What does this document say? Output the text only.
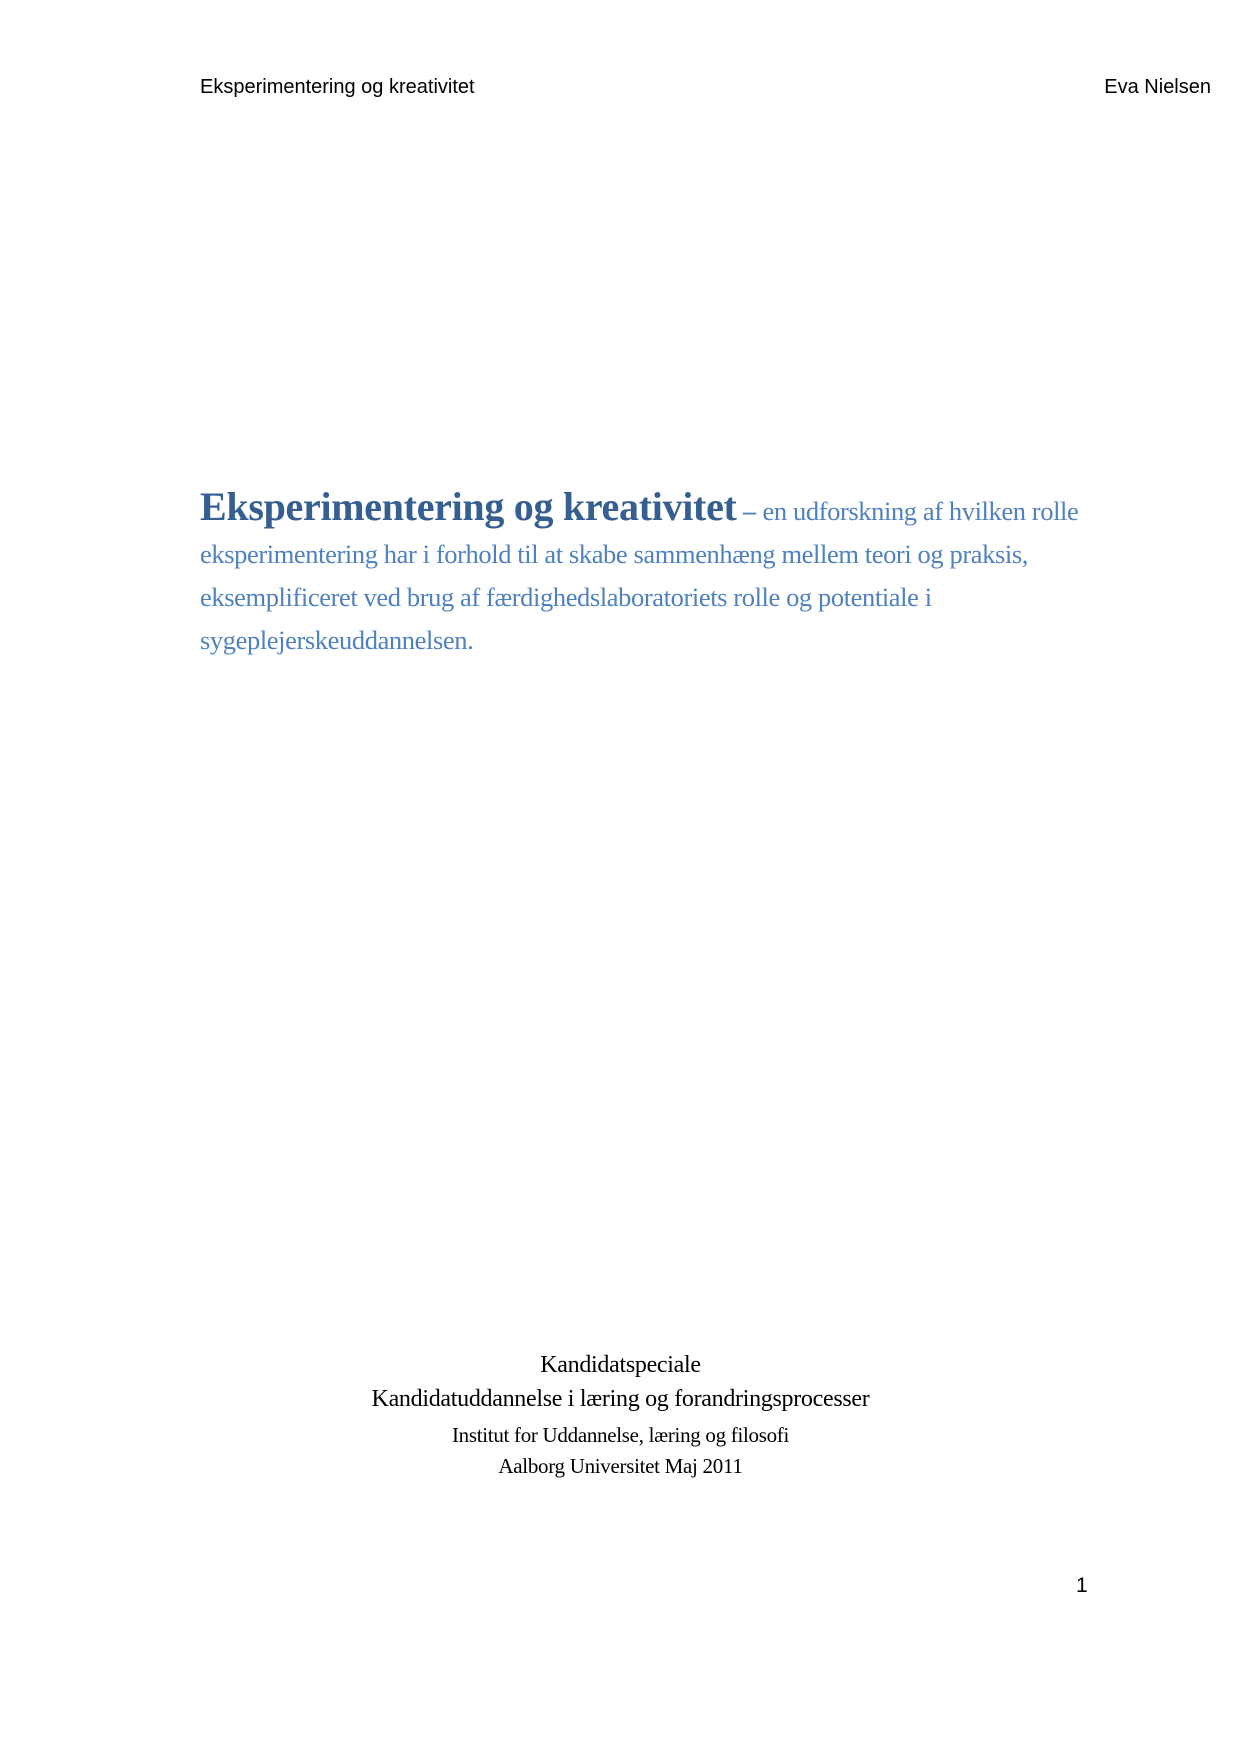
Eksperimentering og kreativitet	Eva Nielsen
Eksperimentering og kreativitet – en udforskning af hvilken rolle eksperimentering har i forhold til at skabe sammenhæng mellem teori og praksis, eksemplificeret ved brug af færdighedslaboratoriets rolle og potentiale i sygeplejerskeuddannelsen.
Kandidatspeciale
Kandidatuddannelse i læring og forandringsprocesser
Institut for Uddannelse, læring og filosofi
Aalborg Universitet Maj 2011
1
